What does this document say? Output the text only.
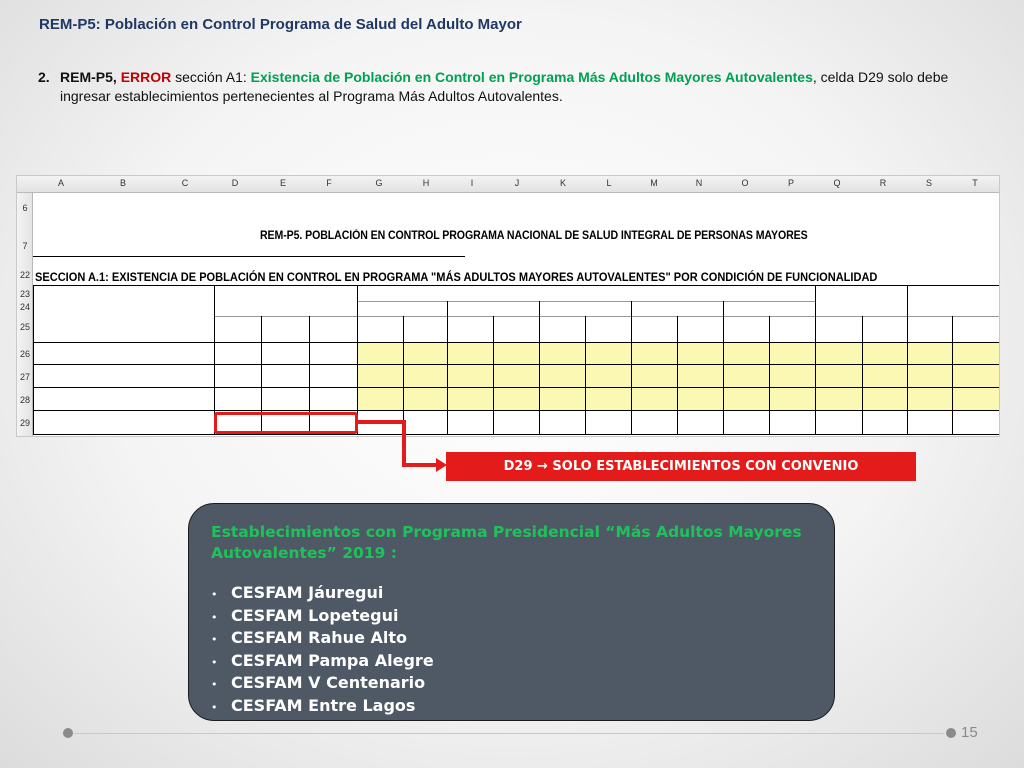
REM-P5: Población en Control Programa de Salud del Adulto Mayor
2. REM-P5, ERROR sección A1: Existencia de Población en Control en Programa Más Adultos Mayores Autovalentes, celda D29 solo debe ingresar establecimientos pertenecientes al Programa Más Adultos Autovalentes.
A	B	C	D	E	F	G	H	I	J	K	L	M	N	O	P	Q	R	S	T
6
7
22
23
24
25
26
27
28
29
REM-P5. POBLACIÓN EN CONTROL PROGRAMA NACIONAL DE SALUD INTEGRAL DE PERSONAS MAYORES
SECCION A.1: EXISTENCIA DE POBLACIÓN EN CONTROL EN PROGRAMA "MÁS ADULTOS MAYORES AUTOVALENTES" POR CONDICIÓN DE FUNCIONALIDAD
D29 → SOLO ESTABLECIMIENTOS CON CONVENIO
Establecimientos con Programa Presidencial “Más Adultos Mayores Autovalentes” 2019 :
• CESFAM Jáuregui
• CESFAM Lopetegui
• CESFAM Rahue Alto
• CESFAM Pampa Alegre
• CESFAM V Centenario
• CESFAM Entre Lagos
15
